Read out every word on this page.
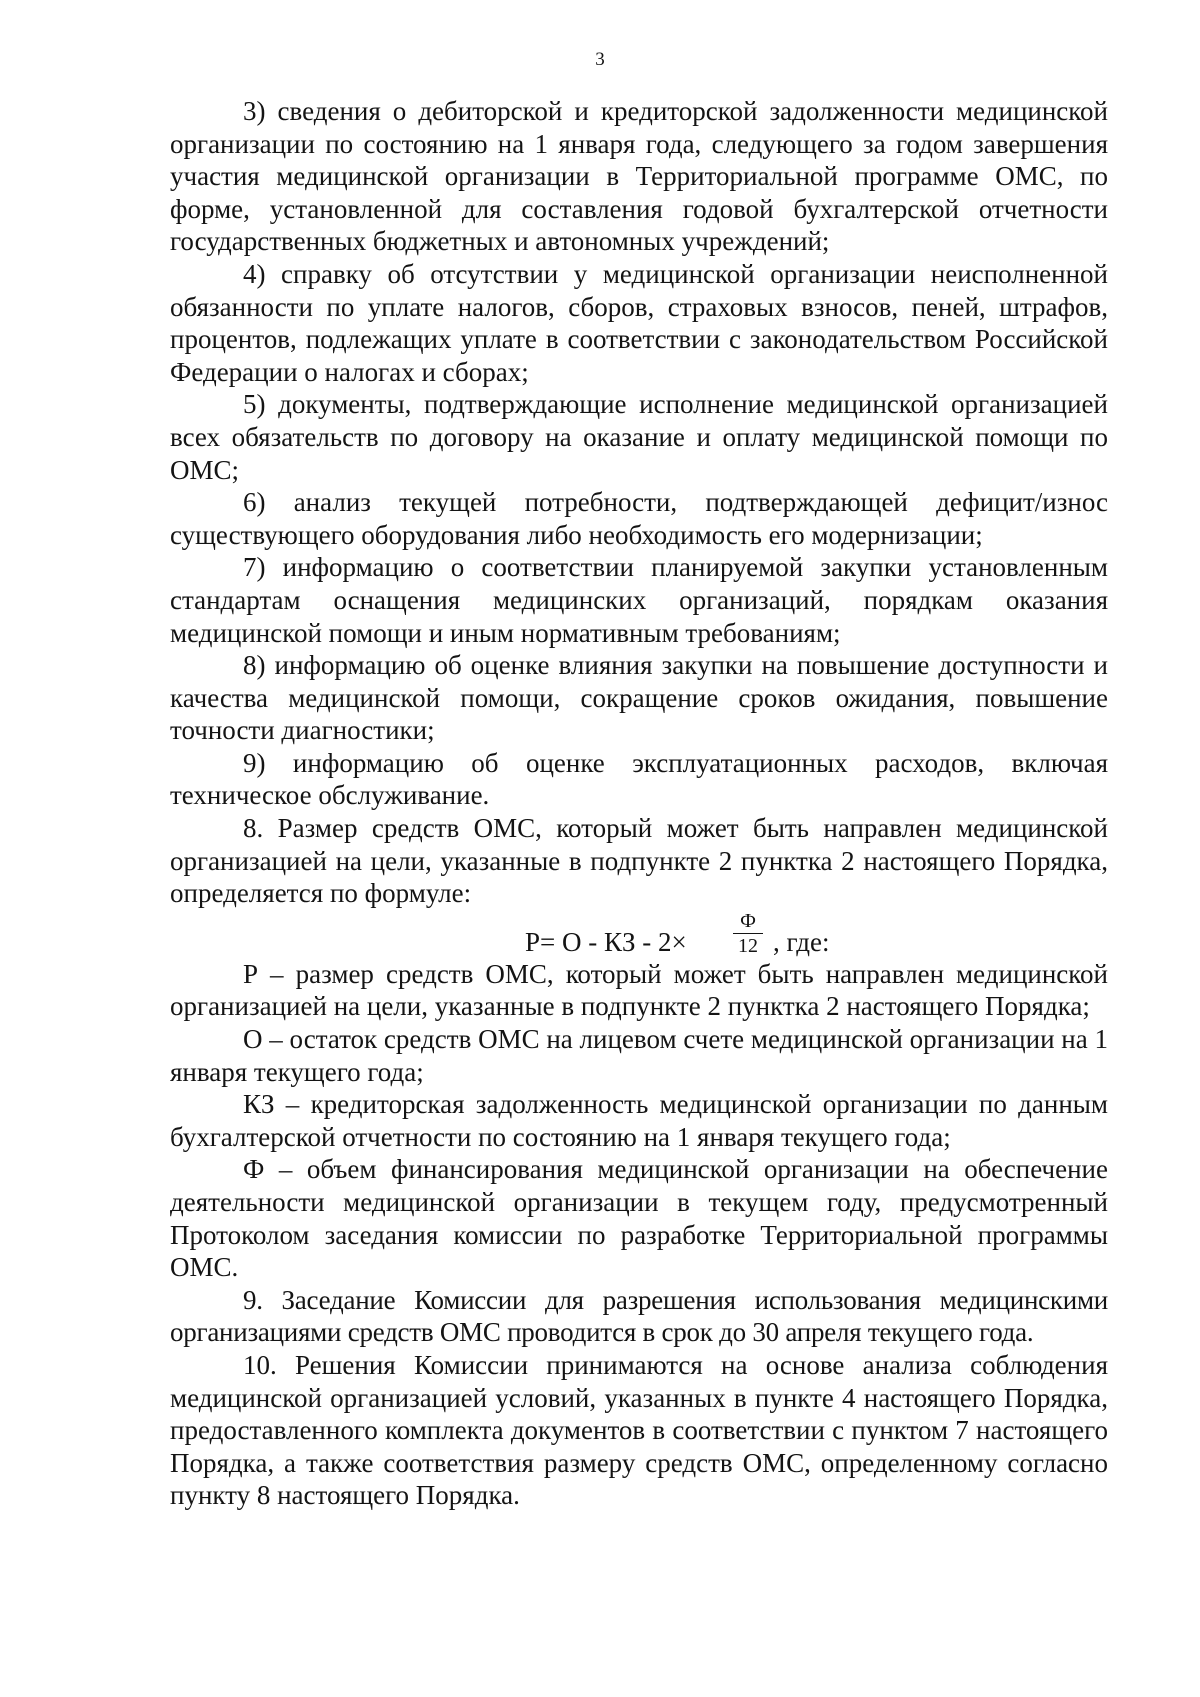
3

3) сведения о дебиторской и кредиторской задолженности медицинской организации по состоянию на 1 января года, следующего за годом завершения участия медицинской организации в Территориальной программе ОМС, по форме, установленной для составления годовой бухгалтерской отчетности государственных бюджетных и автономных учреждений;

4) справку об отсутствии у медицинской организации неисполненной обязанности по уплате налогов, сборов, страховых взносов, пеней, штрафов, процентов, подлежащих уплате в соответствии с законодательством Российской Федерации о налогах и сборах;

5) документы, подтверждающие исполнение медицинской организацией всех обязательств по договору на оказание и оплату медицинской помощи по ОМС;

6) анализ текущей потребности, подтверждающей дефицит/износ существующего оборудования либо необходимость его модернизации;

7) информацию о соответствии планируемой закупки установленным стандартам оснащения медицинских организаций, порядкам оказания медицинской помощи и иным нормативным требованиям;

8) информацию об оценке влияния закупки на повышение доступности и качества медицинской помощи, сокращение сроков ожидания, повышение точности диагностики;

9) информацию об оценке эксплуатационных расходов, включая техническое обслуживание.

8. Размер средств ОМС, который может быть направлен медицинской организацией на цели, указанные в подпункте 2 пунктка 2 настоящего Порядка, определяется по формуле:

Р= О - КЗ - 2×
Ф
12 , где:

Р – размер средств ОМС, который может быть направлен медицинской организацией на цели, указанные в подпункте 2 пунктка 2 настоящего Порядка;

О – остаток средств ОМС на лицевом счете медицинской организации на 1 января текущего года;

КЗ – кредиторская задолженность медицинской организации по данным бухгалтерской отчетности по состоянию на 1 января текущего года;

Ф – объем финансирования медицинской организации на обеспечение деятельности медицинской организации в текущем году, предусмотренный Протоколом заседания комиссии по разработке Территориальной программы ОМС.

9. Заседание Комиссии для разрешения использования медицинскими организациями средств ОМС проводится в срок до 30 апреля текущего года.

10. Решения Комиссии принимаются на основе анализа соблюдения медицинской организацией условий, указанных в пункте 4 настоящего Порядка, предоставленного комплекта документов в соответствии с пунктом 7 настоящего Порядка, а также соответствия размеру средств ОМС, определенному согласно пункту 8 настоящего Порядка.
